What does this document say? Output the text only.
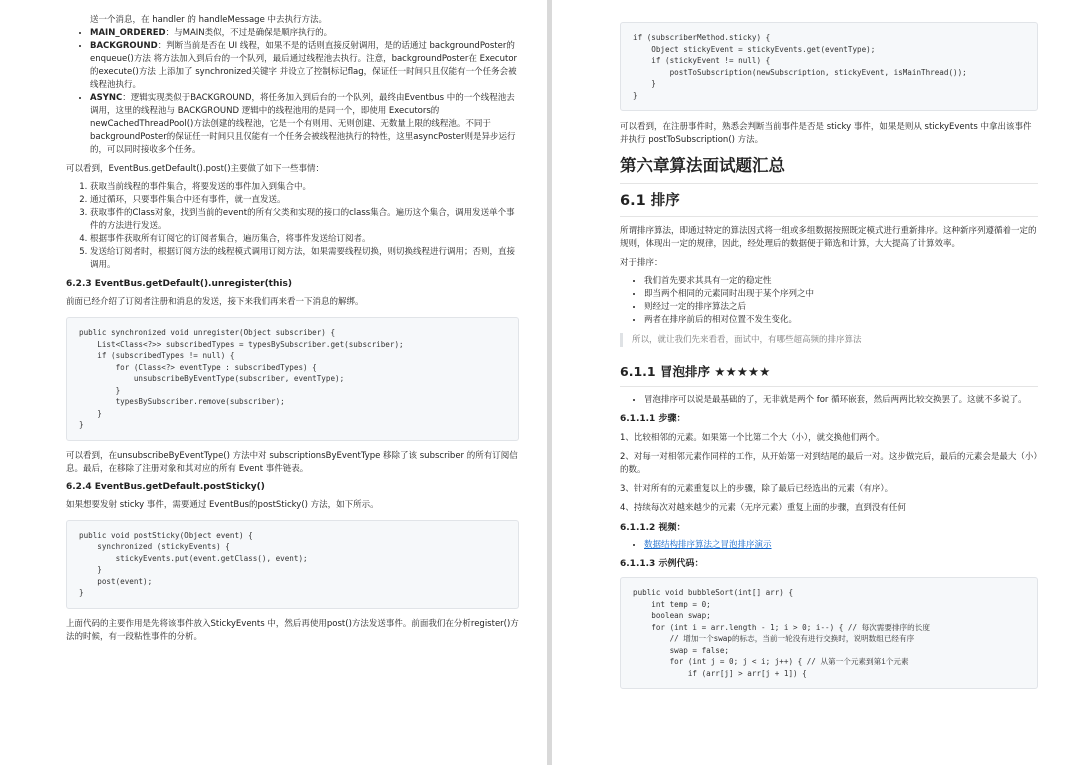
送一个消息，在 handler 的 handleMessage 中去执行方法。

• MAIN_ORDERED：与MAIN类似，不过是确保是顺序执行的。
• BACKGROUND：判断当前是否在 UI 线程，如果不是的话则直接反射调用，是的话通过 backgroundPoster的enqueue()方法 将方法加入到后台的一个队列，最后通过线程池去执行。注意，backgroundPoster在 Executor的execute()方法 上添加了 synchronized关键字 并设立了控制标记flag，保证任一时间只且仅能有一个任务会被线程池执行。
• ASYNC：逻辑实现类似于BACKGROUND，将任务加入到后台的一个队列，最终由Eventbus 中的一个线程池去调用，这里的线程池与 BACKGROUND 逻辑中的线程池用的是同一个，即使用 Executors的newCachedThreadPool()方法创建的线程池，它是一个有则用、无则创建、无数量上限的线程池。不同于backgroundPoster的保证任一时间只且仅能有一个任务会被线程池执行的特性，这里asyncPoster则是异步运行的，可以同时接收多个任务。

可以看到，EventBus.getDefault().post()主要做了如下一些事情：

1. 获取当前线程的事件集合，将要发送的事件加入到集合中。
2. 通过循环，只要事件集合中还有事件，就一直发送。
3. 获取事件的Class对象，找到当前的event的所有父类和实现的接口的class集合。遍历这个集合，调用发送单个事件的方法进行发送。
4. 根据事件获取所有订阅它的订阅者集合，遍历集合，将事件发送给订阅者。
5. 发送给订阅者时，根据订阅方法的线程模式调用订阅方法，如果需要线程切换，则切换线程进行调用；否则，直接调用。
6.2.3 EventBus.getDefault().unregister(this)

前面已经介绍了订阅者注册和消息的发送，接下来我们再来看一下消息的解绑。

public synchronized void unregister(Object subscriber) {
List<Class<?>> subscribedTypes = typesBySubscriber.get(subscriber);
if (subscribedTypes != null) {
for (Class<?> eventType : subscribedTypes) {
unsubscribeByEventType(subscriber, eventType);
}
typesBySubscriber.remove(subscriber);
}
}

可以看到，在unsubscribeByEventType() 方法中对 subscriptionsByEventType 移除了该 subscriber 的所有订阅信息。最后，在移除了注册对象和其对应的所有 Event 事件链表。

6.2.4 EventBus.getDefault.postSticky()

如果想要发射 sticky 事件，需要通过 EventBus的postSticky() 方法，如下所示。

public void postSticky(Object event) {
synchronized (stickyEvents) {
stickyEvents.put(event.getClass(), event);
}
post(event);
}

上面代码的主要作用是先将该事件放入StickyEvents 中，然后再使用post()方法发送事件。前面我们在分析register()方法的时候，有一段粘性事件的分析。

if (subscriberMethod.sticky) {
Object stickyEvent = stickyEvents.get(eventType);
if (stickyEvent != null) {
postToSubscription(newSubscription, stickyEvent, isMainThread());
}
}

可以看到，在注册事件时，熟悉会判断当前事件是否是 sticky 事件，如果是则从 stickyEvents 中拿出该事件并执行 postToSubscription() 方法。

第六章算法面试题汇总
6.1 排序

所谓排序算法，即通过特定的算法因式将一组或多组数据按照既定模式进行重新排序。这种新序列遵循着一定的规则，体现出一定的规律，因此，经处理后的数据便于筛选和计算，大大提高了计算效率。

对于排序：

• 我们首先要求其具有一定的稳定性
• 即当两个相同的元素同时出现于某个序列之中
• 则经过一定的排序算法之后
• 两者在排序前后的相对位置不发生变化。
所以，就让我们先来看看，面试中，有哪些超高频的排序算法
6.1.1 冒泡排序 ★★★★★
• 冒泡排序可以说是最基础的了，无非就是两个 for 循环嵌套，然后两两比较交换罢了。这就不多说了。
6.1.1.1 步骤：

1、比较相邻的元素。如果第一个比第二个大（小），就交换他们两个。

2、对每一对相邻元素作同样的工作，从开始第一对到结尾的最后一对。这步做完后，最后的元素会是最大（小）的数。

3、针对所有的元素重复以上的步骤，除了最后已经选出的元素（有序）。

4、持续每次对越来越少的元素（无序元素）重复上面的步骤，直到没有任何

6.1.1.2 视频：
• 数据结构排序算法之冒泡排序演示
6.1.1.3 示例代码：
public void bubbleSort(int[] arr) {
int temp = 0;
boolean swap;
for (int i = arr.length - 1; i > 0; i--) { // 每次需要排序的长度
// 增加一个swap的标志，当前一轮没有进行交换时，说明数组已经有序
swap = false;
for (int j = 0; j < i; j++) { // 从第一个元素到第i个元素
if (arr[j] > arr[j + 1]) {
